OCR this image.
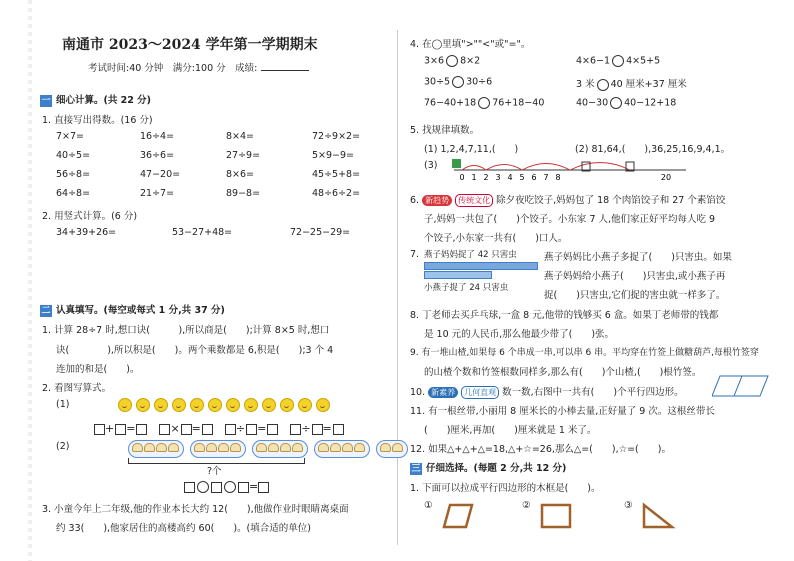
南通市 2023～2024 学年第一学期期末
考试时间:40 分钟　满分:100 分　成绩:
一 细心计算。(共 22 分)
1. 直接写出得数。(16 分)
7×7=	16÷4=	8×4=	72÷9×2=
40÷5=	36÷6=	27÷9=	5×9−9=
56÷8=	47−20=	8×6=	45÷5+8=
64÷8=	21÷7=	89−8=	48÷6÷2=
2. 用竖式计算。(6 分)
34+39+26=	53−27+48=	72−25−29=
二 认真填写。(每空或每式 1 分,共 37 分)
1. 计算 28÷7 时,想口诀(　　　),所以商是(　　);计算 8×5 时,想口
诀(　　　　),所以积是(　　)。两个乘数都是 6,积是(　　);3 个 4
连加的和是(　　)。
2. 看图写算式。
(1)
+ =　	× =　	÷ =　	÷ =
(2)
?个
=
3. 小童今年上二年级,他的作业本长大约 12(　　),他做作业时眼睛离桌面
约 33(　　),他家居住的高楼高约 60(　　)。(填合适的单位)
4. 在◯里填">""<"或"="。
3×6 8×2	4×6−1 4×5+5
30÷5 30÷6	3 米 40 厘米+37 厘米
76−40+18 76+18−40	40−30 40−12+18
5. 找规律填数。
(1) 1,2,4,7,11,(　　)	(2) 81,64,(　　),36,25,16,9,4,1。
(3)
0 1 2 3 4 5 6 7 8	20
6. 新趋势 传统文化 除夕夜吃饺子,妈妈包了 18 个肉馅饺子和 27 个素馅饺
子,妈妈一共包了(　　)个饺子。小东家 7 人,他们家正好平均每人吃 9
个饺子,小东家一共有(　　)口人。
7. 燕子妈妈捉了 42 只害虫
小燕子捉了 24 只害虫
燕子妈妈比小燕子多捉了(　　)只害虫。如果
燕子妈妈给小燕子(　　)只害虫,或小燕子再
捉(　　)只害虫,它们捉的害虫就一样多了。
8. 丁老师去买乒乓球,一盒 8 元,他带的钱够买 6 盒。如果丁老师带的钱都
是 10 元的人民币,那么他最少带了(　　)张。
9. 有一堆山楂,如果每 6 个串成一串,可以串 6 串。平均穿在竹签上做糖葫芦,每根竹签穿
的山楂个数和竹签根数同样多,那么有(　　)个山楂,(　　)根竹签。
10. 新素养 几何直观 数一数,右图中一共有(　　)个平行四边形。
11. 有一根丝带,小丽用 8 厘米长的小棒去量,正好量了 9 次。这根丝带长
(　　)厘米,再加(　　)厘米就是 1 米了。
12. 如果△+△+△=18,△+☆=26,那么△=(　　),☆=(　　)。
三 仔细选择。(每题 2 分,共 12 分)
1. 下面可以拉成平行四边形的木框是(　　)。
①	②	③
